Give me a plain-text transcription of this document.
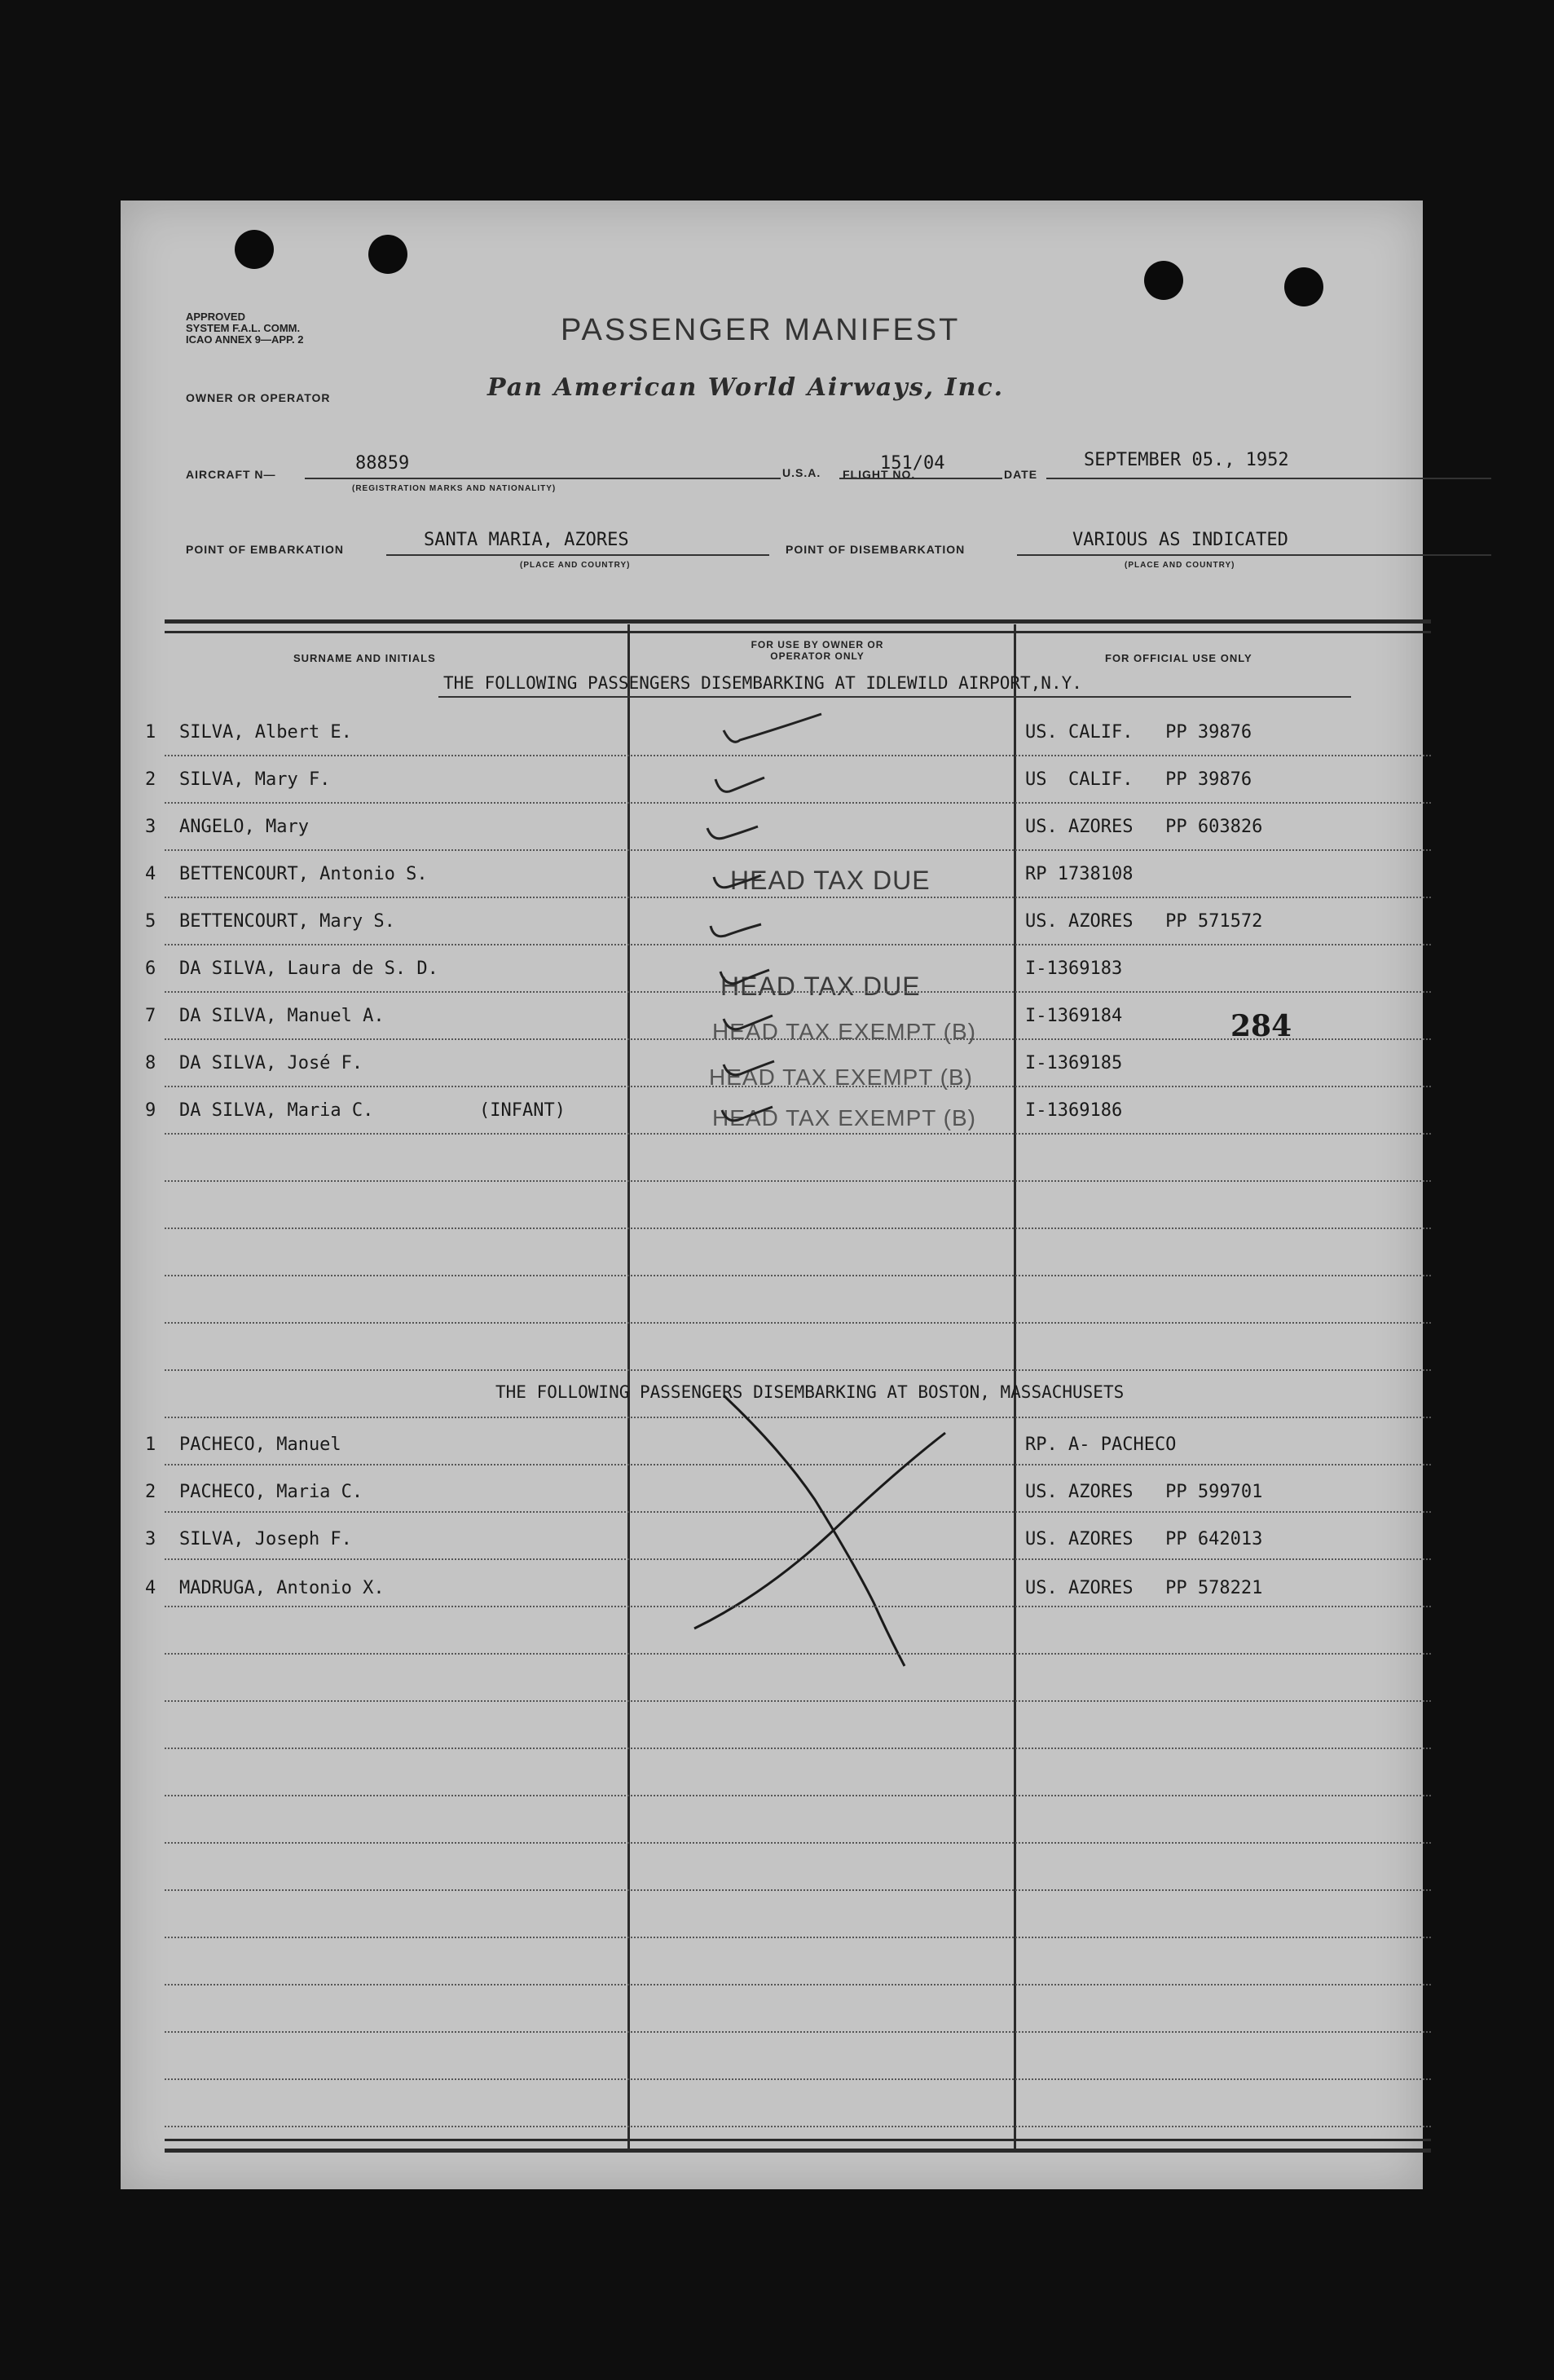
APPROVED
SYSTEM F.A.L. COMM.
ICAO ANNEX 9—APP. 2	PASSENGER MANIFEST
OWNER OR OPERATOR	Pan American World Airways, Inc.
AIRCRAFT N—
88859
(REGISTRATION MARKS AND NATIONALITY)
U.S.A. FLIGHT NO.
151/04
DATE
SEPTEMBER 05., 1952
POINT OF EMBARKATION	SANTA MARIA, AZORES
(PLACE AND COUNTRY)
POINT OF DISEMBARKATION	VARIOUS AS INDICATED
(PLACE AND COUNTRY)
SURNAME AND INITIALS
FOR USE BY OWNER OR OPERATOR ONLY	FOR OFFICIAL USE ONLY
THE FOLLOWING PASSENGERS DISEMBARKING AT IDLEWILD AIRPORT,N.Y.
1 SILVA, Albert E.	US. CALIF.   PP 39876
2 SILVA, Mary F.	US  CALIF.   PP 39876
3 ANGELO, Mary	US. AZORES   PP 603826
4 BETTENCOURT, Antonio S.	RP 1738108
5 BETTENCOURT, Mary S.	US. AZORES   PP 571572
6 DA SILVA, Laura de S. D.	I-1369183
7 DA SILVA, Manuel A.	I-1369184
8 DA SILVA, José F.	I-1369185
9 DA SILVA, Maria C.	(INFANT)	I-1369186
HEAD TAX DUE
HEAD TAX DUE
HEAD TAX EXEMPT (B)
HEAD TAX EXEMPT (B)
HEAD TAX EXEMPT (B)
284
THE FOLLOWING PASSENGERS DISEMBARKING AT BOSTON, MASSACHUSETS
1 PACHECO, Manuel	RP. A- PACHECO
2 PACHECO, Maria C.	US. AZORES   PP 599701
3 SILVA, Joseph F.	US. AZORES   PP 642013
4 MADRUGA, Antonio X.	US. AZORES   PP 578221
